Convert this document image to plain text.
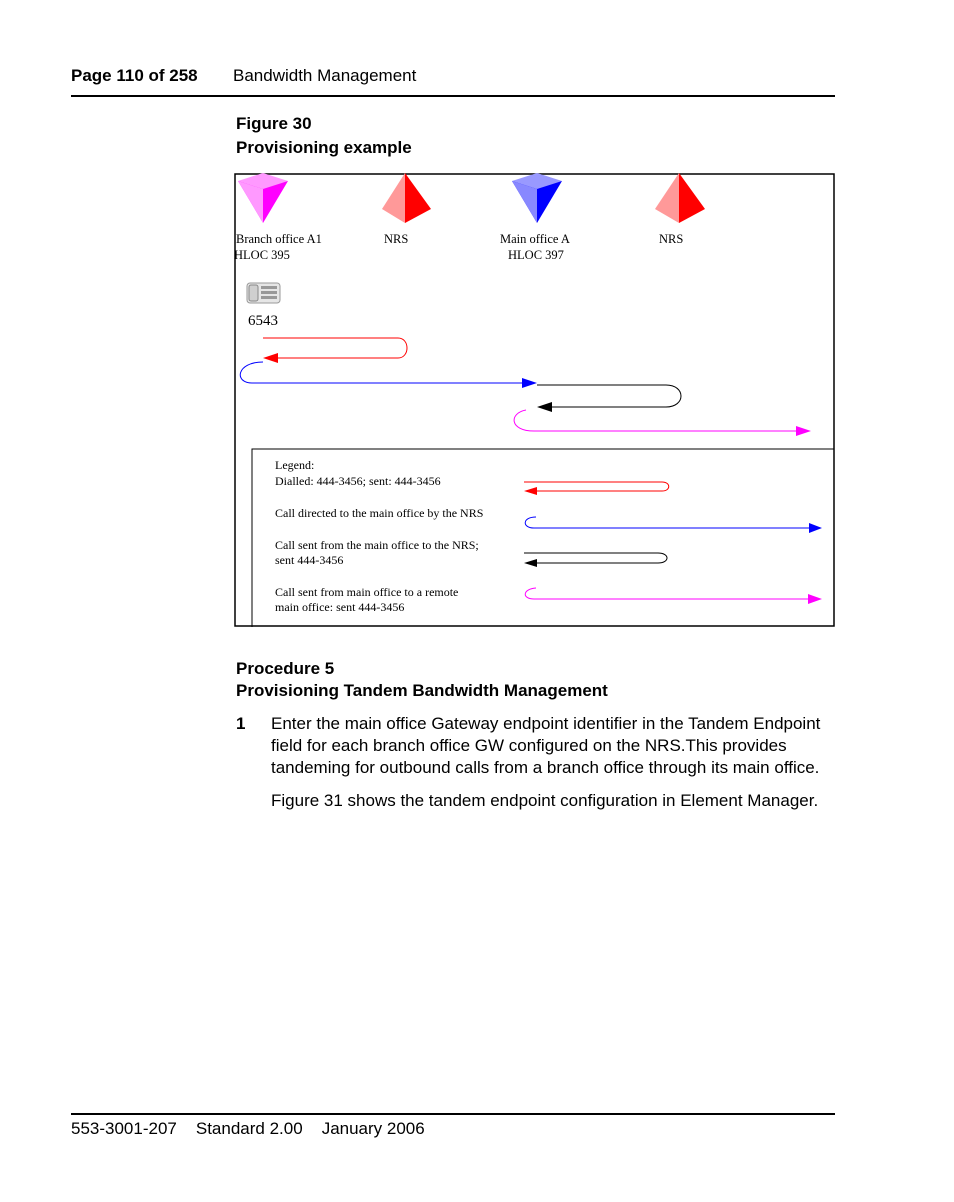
Page 110 of 258 Bandwidth Management
Figure 30
Provisioning example
Branch office A1
HLOC 395
NRS	Main office A
HLOC 397
NRS
6543
Legend:
Dialled: 444-3456; sent: 444-3456
Call directed to the main office by the NRS
Call sent from the main office to the NRS;
sent 444-3456
Call sent from main office to a remote
main office: sent 444-3456
Procedure 5
Provisioning Tandem Bandwidth Management
1 Enter the main office Gateway endpoint identifier in the Tandem Endpoint
field for each branch office GW configured on the NRS.This provides
tandeming for outbound calls from a branch office through its main office.
Figure 31 shows the tandem endpoint configuration in Element Manager.
553-3001-207 Standard 2.00 January 2006
